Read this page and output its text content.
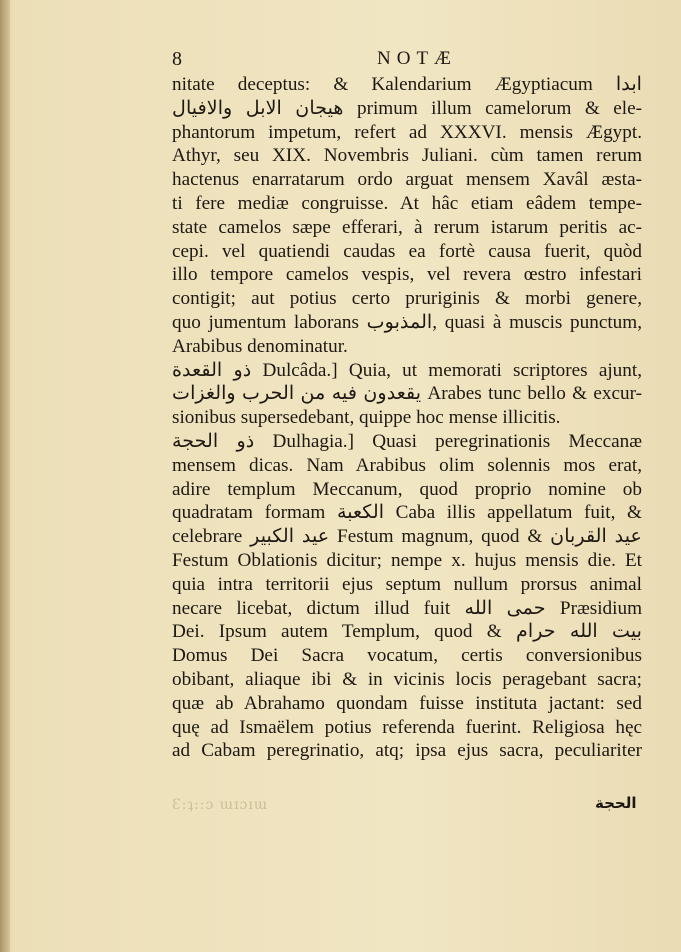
8	NOTÆ
nitate deceptus: & Kalendarium Ægyptiacum ابدا
هيجان الابل والافيال primum illum camelorum & ele-
phantorum impetum, refert ad XXXVI. mensis Ægypt.
Athyr, seu XIX. Novembris Juliani. cùm tamen rerum
hactenus enarratarum ordo arguat mensem Xavâl æsta-
ti fere mediæ congruisse. At hâc etiam eâdem tempe-
state camelos sæpe efferari, à rerum istarum peritis ac-
cepi. vel quatiendi caudas ea fortè causa fuerit, quòd
illo tempore camelos vespis, vel revera œstro infestari
contigit; aut potius certo pruriginis & morbi genere,
quo jumentum laborans المذبوب, quasi à muscis punctum,
Arabibus denominatur.
ذو القعدة Dulcâda.] Quia, ut memorati scriptores ajunt,
يقعدون فيه من الحرب والغزات Arabes tunc bello & excur-
sionibus supersedebant, quippe hoc mense illicitis.
ذو الحجة Dulhagia.] Quasi peregrinationis Meccanæ
mensem dicas. Nam Arabibus olim solennis mos erat,
adire templum Meccanum, quod proprio nomine ob
quadratam formam الكعبة Caba illis appellatum fuit, &
celebrare عيد الكبير Festum magnum, quod & عيد القربان
Festum Oblationis dicitur; nempe x. hujus mensis die. Et
quia intra territorii ejus septum nullum prorsus animal
necare licebat, dictum illud fuit حمى الله Præsidium
Dei. Ipsum autem Templum, quod & بيت الله حرام
Domus Dei Sacra vocatum, certis conversionibus
obibant, aliaque ibi & in vicinis locis peragebant sacra;
quæ ab Abrahamo quondam fuisse instituta jactant: sed
quę ad Ismaëlem potius referenda fuerint. Religiosa hęc
ad Cabam peregrinatio, atq; ipsa ejus sacra, peculiariter
Ɛ:ʇ::ɔ ɯɪɔɪɯ	الحجة
